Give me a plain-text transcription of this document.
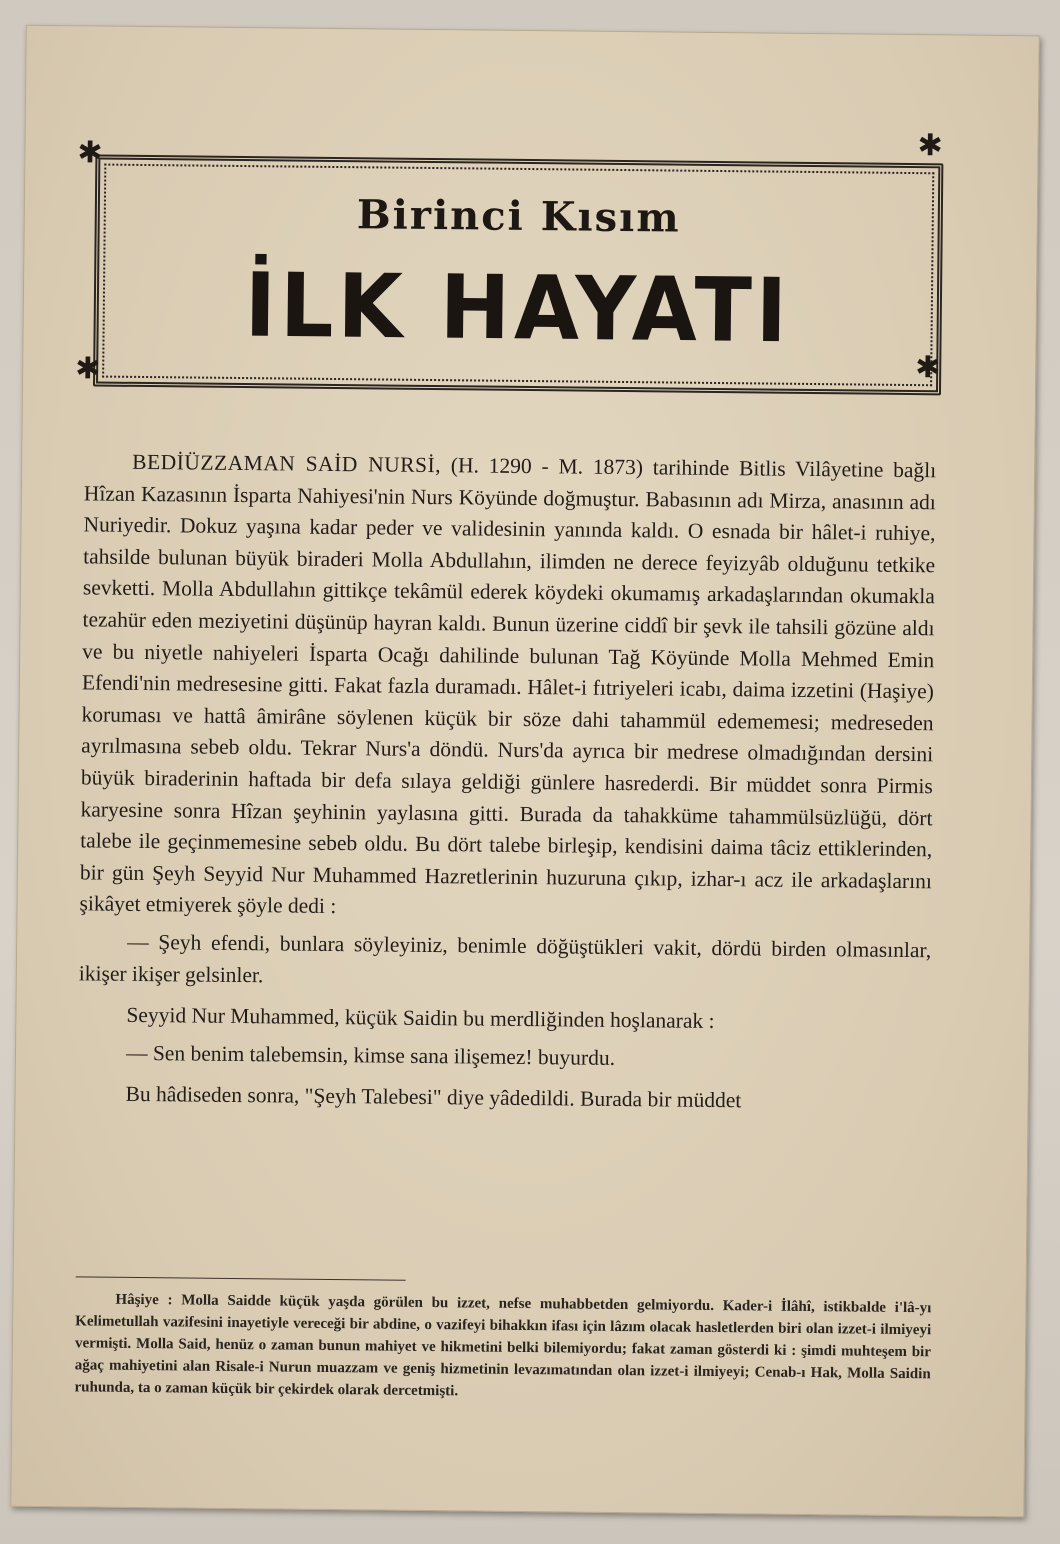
✱	✱
✱	✱
Birinci Kısım
İLK HAYATI

BEDİÜZZAMAN SAİD NURSİ, (H. 1290 - M. 1873) tarihinde Bitlis Vilâyetine bağlı Hîzan Kazasının İsparta Nahiyesi'nin Nurs Köyünde doğmuştur. Babasının adı Mirza, anasının adı Nuriyedir. Dokuz yaşına kadar peder ve validesinin yanında kaldı. O esnada bir hâlet-i ruhiye, tahsilde bulunan büyük biraderi Molla Abdullahın, ilimden ne derece feyizyâb olduğunu tetkike sevketti. Molla Abdullahın gittikçe tekâmül ederek köydeki okumamış arkadaşlarından okumakla tezahür eden meziyetini düşünüp hayran kaldı. Bunun üzerine ciddî bir şevk ile tahsili gözüne aldı ve bu niyetle nahiyeleri İsparta Ocağı dahilinde bulunan Tağ Köyünde Molla Mehmed Emin Efendi'nin medresesine gitti. Fakat fazla duramadı. Hâlet-i fıtriyeleri icabı, daima izzetini (Haşiye) koruması ve hattâ âmirâne söylenen küçük bir söze dahi tahammül edememesi; medreseden ayrılmasına sebeb oldu. Tekrar Nurs'a döndü. Nurs'da ayrıca bir medrese olmadığından dersini büyük biraderinin haftada bir defa sılaya geldiği günlere hasrederdi. Bir müddet sonra Pirmis karyesine sonra Hîzan şeyhinin yaylasına gitti. Burada da tahakküme tahammülsüzlüğü, dört talebe ile geçinmemesine sebeb oldu. Bu dört talebe birleşip, kendisini daima tâciz ettiklerinden, bir gün Şeyh Seyyid Nur Muhammed Hazretlerinin huzuruna çıkıp, izhar-ı acz ile arkadaşlarını şikâyet etmiyerek şöyle dedi :

— Şeyh efendi, bunlara söyleyiniz, benimle döğüştükleri vakit, dördü birden olmasınlar, ikişer ikişer gelsinler.

Seyyid Nur Muhammed, küçük Saidin bu merdliğinden hoşlanarak :

— Sen benim talebemsin, kimse sana ilişemez! buyurdu.

Bu hâdiseden sonra, "Şeyh Talebesi" diye yâdedildi. Burada bir müddet

Hâşiye : Molla Saidde küçük yaşda görülen bu izzet, nefse muhabbetden gelmiyordu. Kader-i İlâhî, istikbalde i'lâ-yı Kelimetullah vazifesini inayetiyle vereceği bir abdine, o vazifeyi bihakkın ifası için lâzım olacak hasletlerden biri olan izzet-i ilmiyeyi vermişti. Molla Said, henüz o zaman bunun mahiyet ve hikmetini belki bilemiyordu; fakat zaman gösterdi ki : şimdi muhteşem bir ağaç mahiyetini alan Risale-i Nurun muazzam ve geniş hizmetinin levazımatından olan izzet-i ilmiyeyi; Cenab-ı Hak, Molla Saidin ruhunda, ta o zaman küçük bir çekirdek olarak dercetmişti.
